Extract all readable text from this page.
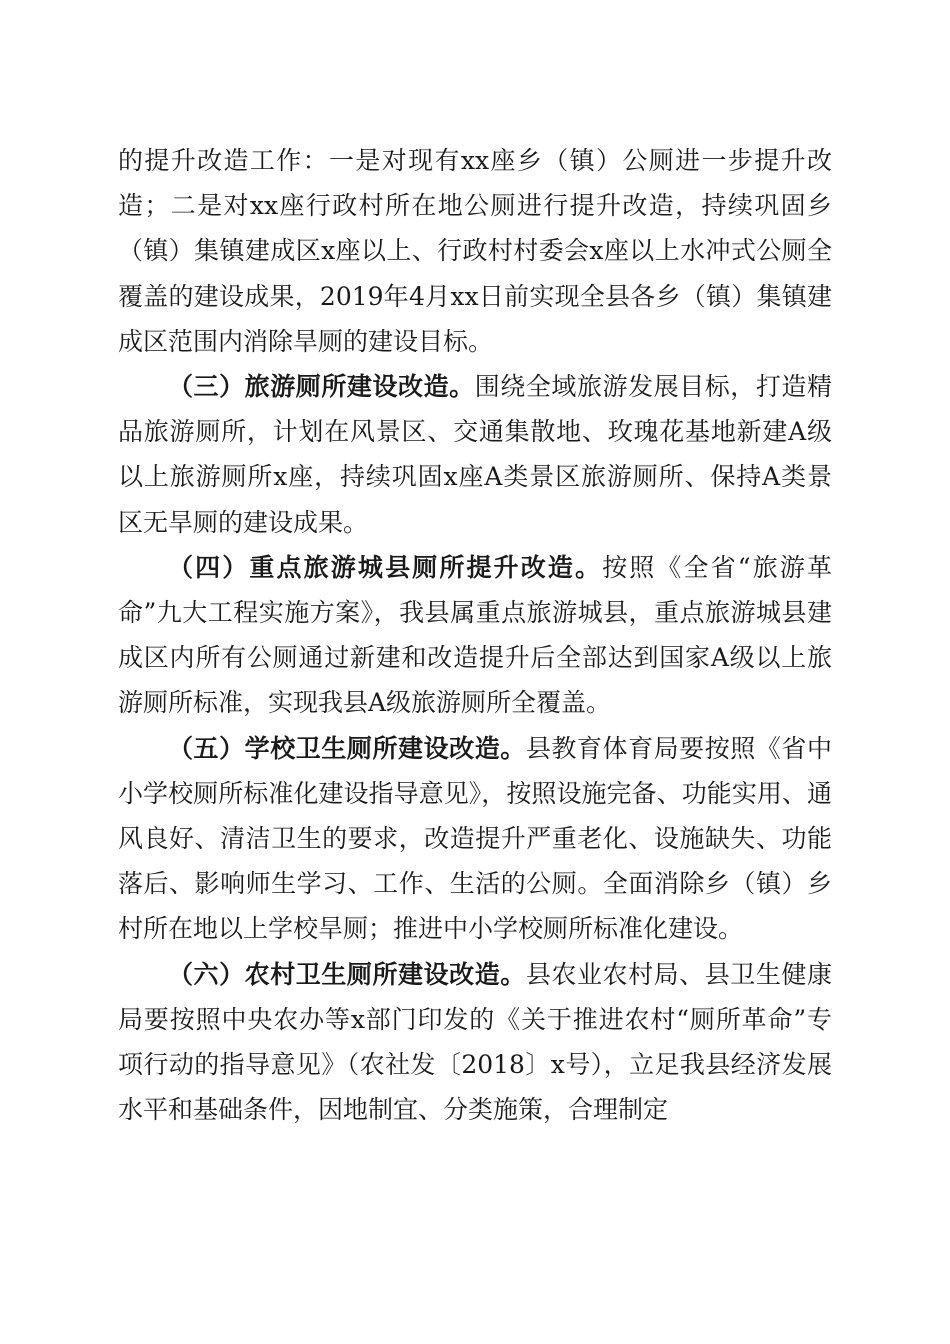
的提升改造工作：一是对现有xx座乡（镇）公厕进一步提升改造；二是对xx座行政村所在地公厕进行提升改造，持续巩固乡（镇）集镇建成区x座以上、行政村村委会x座以上水冲式公厕全覆盖的建设成果，2019年4月xx日前实现全县各乡（镇）集镇建成区范围内消除旱厕的建设目标。

（三）旅游厕所建设改造。围绕全域旅游发展目标，打造精品旅游厕所，计划在风景区、交通集散地、玫瑰花基地新建A级以上旅游厕所x座，持续巩固x座A类景区旅游厕所、保持A类景区无旱厕的建设成果。

（四）重点旅游城县厕所提升改造。按照《全省“旅游革命”九大工程实施方案》，我县属重点旅游城县，重点旅游城县建成区内所有公厕通过新建和改造提升后全部达到国家A级以上旅游厕所标准，实现我县A级旅游厕所全覆盖。

（五）学校卫生厕所建设改造。县教育体育局要按照《省中小学校厕所标准化建设指导意见》，按照设施完备、功能实用、通风良好、清洁卫生的要求，改造提升严重老化、设施缺失、功能落后、影响师生学习、工作、生活的公厕。全面消除乡（镇）乡村所在地以上学校旱厕；推进中小学校厕所标准化建设。

（六）农村卫生厕所建设改造。县农业农村局、县卫生健康局要按照中央农办等x部门印发的《关于推进农村“厕所革命”专项行动的指导意见》（农社发〔2018〕x号），立足我县经济发展水平和基础条件，因地制宜、分类施策，合理制定
